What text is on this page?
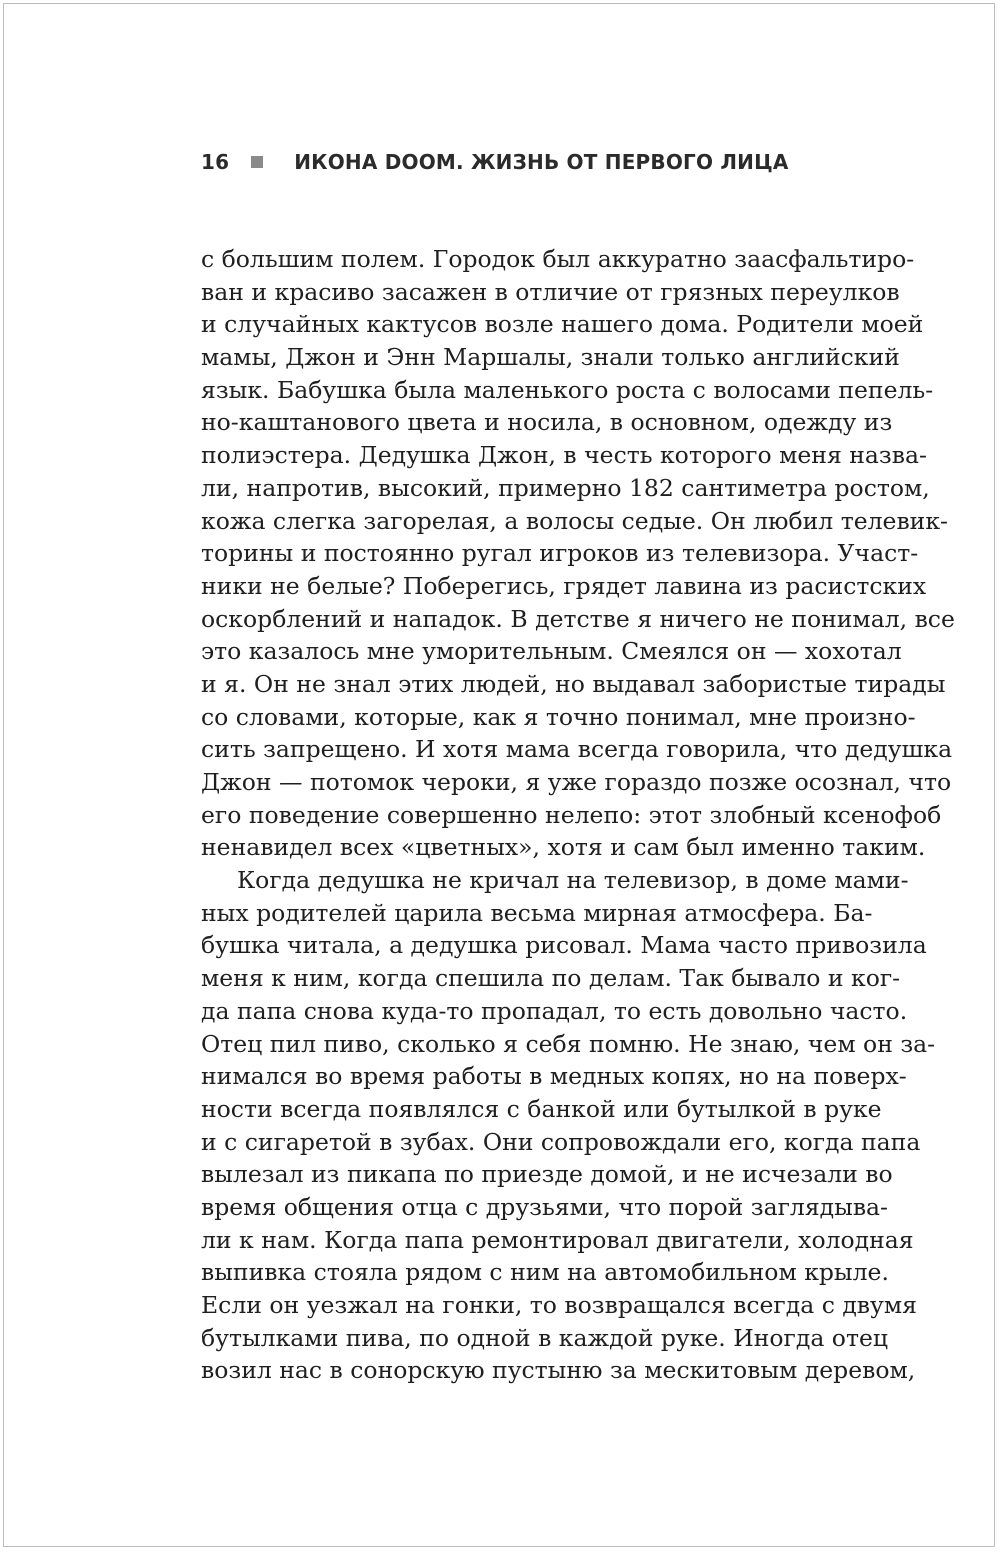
16	ИКОНА DOOM. ЖИЗНЬ ОТ ПЕРВОГО ЛИЦА
с большим полем. Городок был аккуратно заасфальтиро-
ван и красиво засажен в отличие от грязных переулков
и случайных кактусов возле нашего дома. Родители моей
мамы, Джон и Энн Маршалы, знали только английский
язык. Бабушка была маленького роста с волосами пепель-
но-каштанового цвета и носила, в основном, одежду из
полиэстера. Дедушка Джон, в честь которого меня назва-
ли, напротив, высокий, примерно 182 сантиметра ростом,
кожа слегка загорелая, а волосы седые. Он любил телевик-
торины и постоянно ругал игроков из телевизора. Участ-
ники не белые? Поберегись, грядет лавина из расистских
оскорблений и нападок. В детстве я ничего не понимал, все
это казалось мне уморительным. Смеялся он — хохотал
и я. Он не знал этих людей, но выдавал забористые тирады
со словами, которые, как я точно понимал, мне произно-
сить запрещено. И хотя мама всегда говорила, что дедушка
Джон — потомок чероки, я уже гораздо позже осознал, что
его поведение совершенно нелепо: этот злобный ксенофоб
ненавидел всех «цветных», хотя и сам был именно таким.
Когда дедушка не кричал на телевизор, в доме мами-
ных родителей царила весьма мирная атмосфера. Ба-
бушка читала, а дедушка рисовал. Мама часто привозила
меня к ним, когда спешила по делам. Так бывало и ког-
да папа снова куда-то пропадал, то есть довольно часто.
Отец пил пиво, сколько я себя помню. Не знаю, чем он за-
нимался во время работы в медных копях, но на поверх-
ности всегда появлялся с банкой или бутылкой в руке
и с сигаретой в зубах. Они сопровождали его, когда папа
вылезал из пикапа по приезде домой, и не исчезали во
время общения отца с друзьями, что порой заглядыва-
ли к нам. Когда папа ремонтировал двигатели, холодная
выпивка стояла рядом с ним на автомобильном крыле.
Если он уезжал на гонки, то возвращался всегда с двумя
бутылками пива, по одной в каждой руке. Иногда отец
возил нас в сонорскую пустыню за мескитовым деревом,
